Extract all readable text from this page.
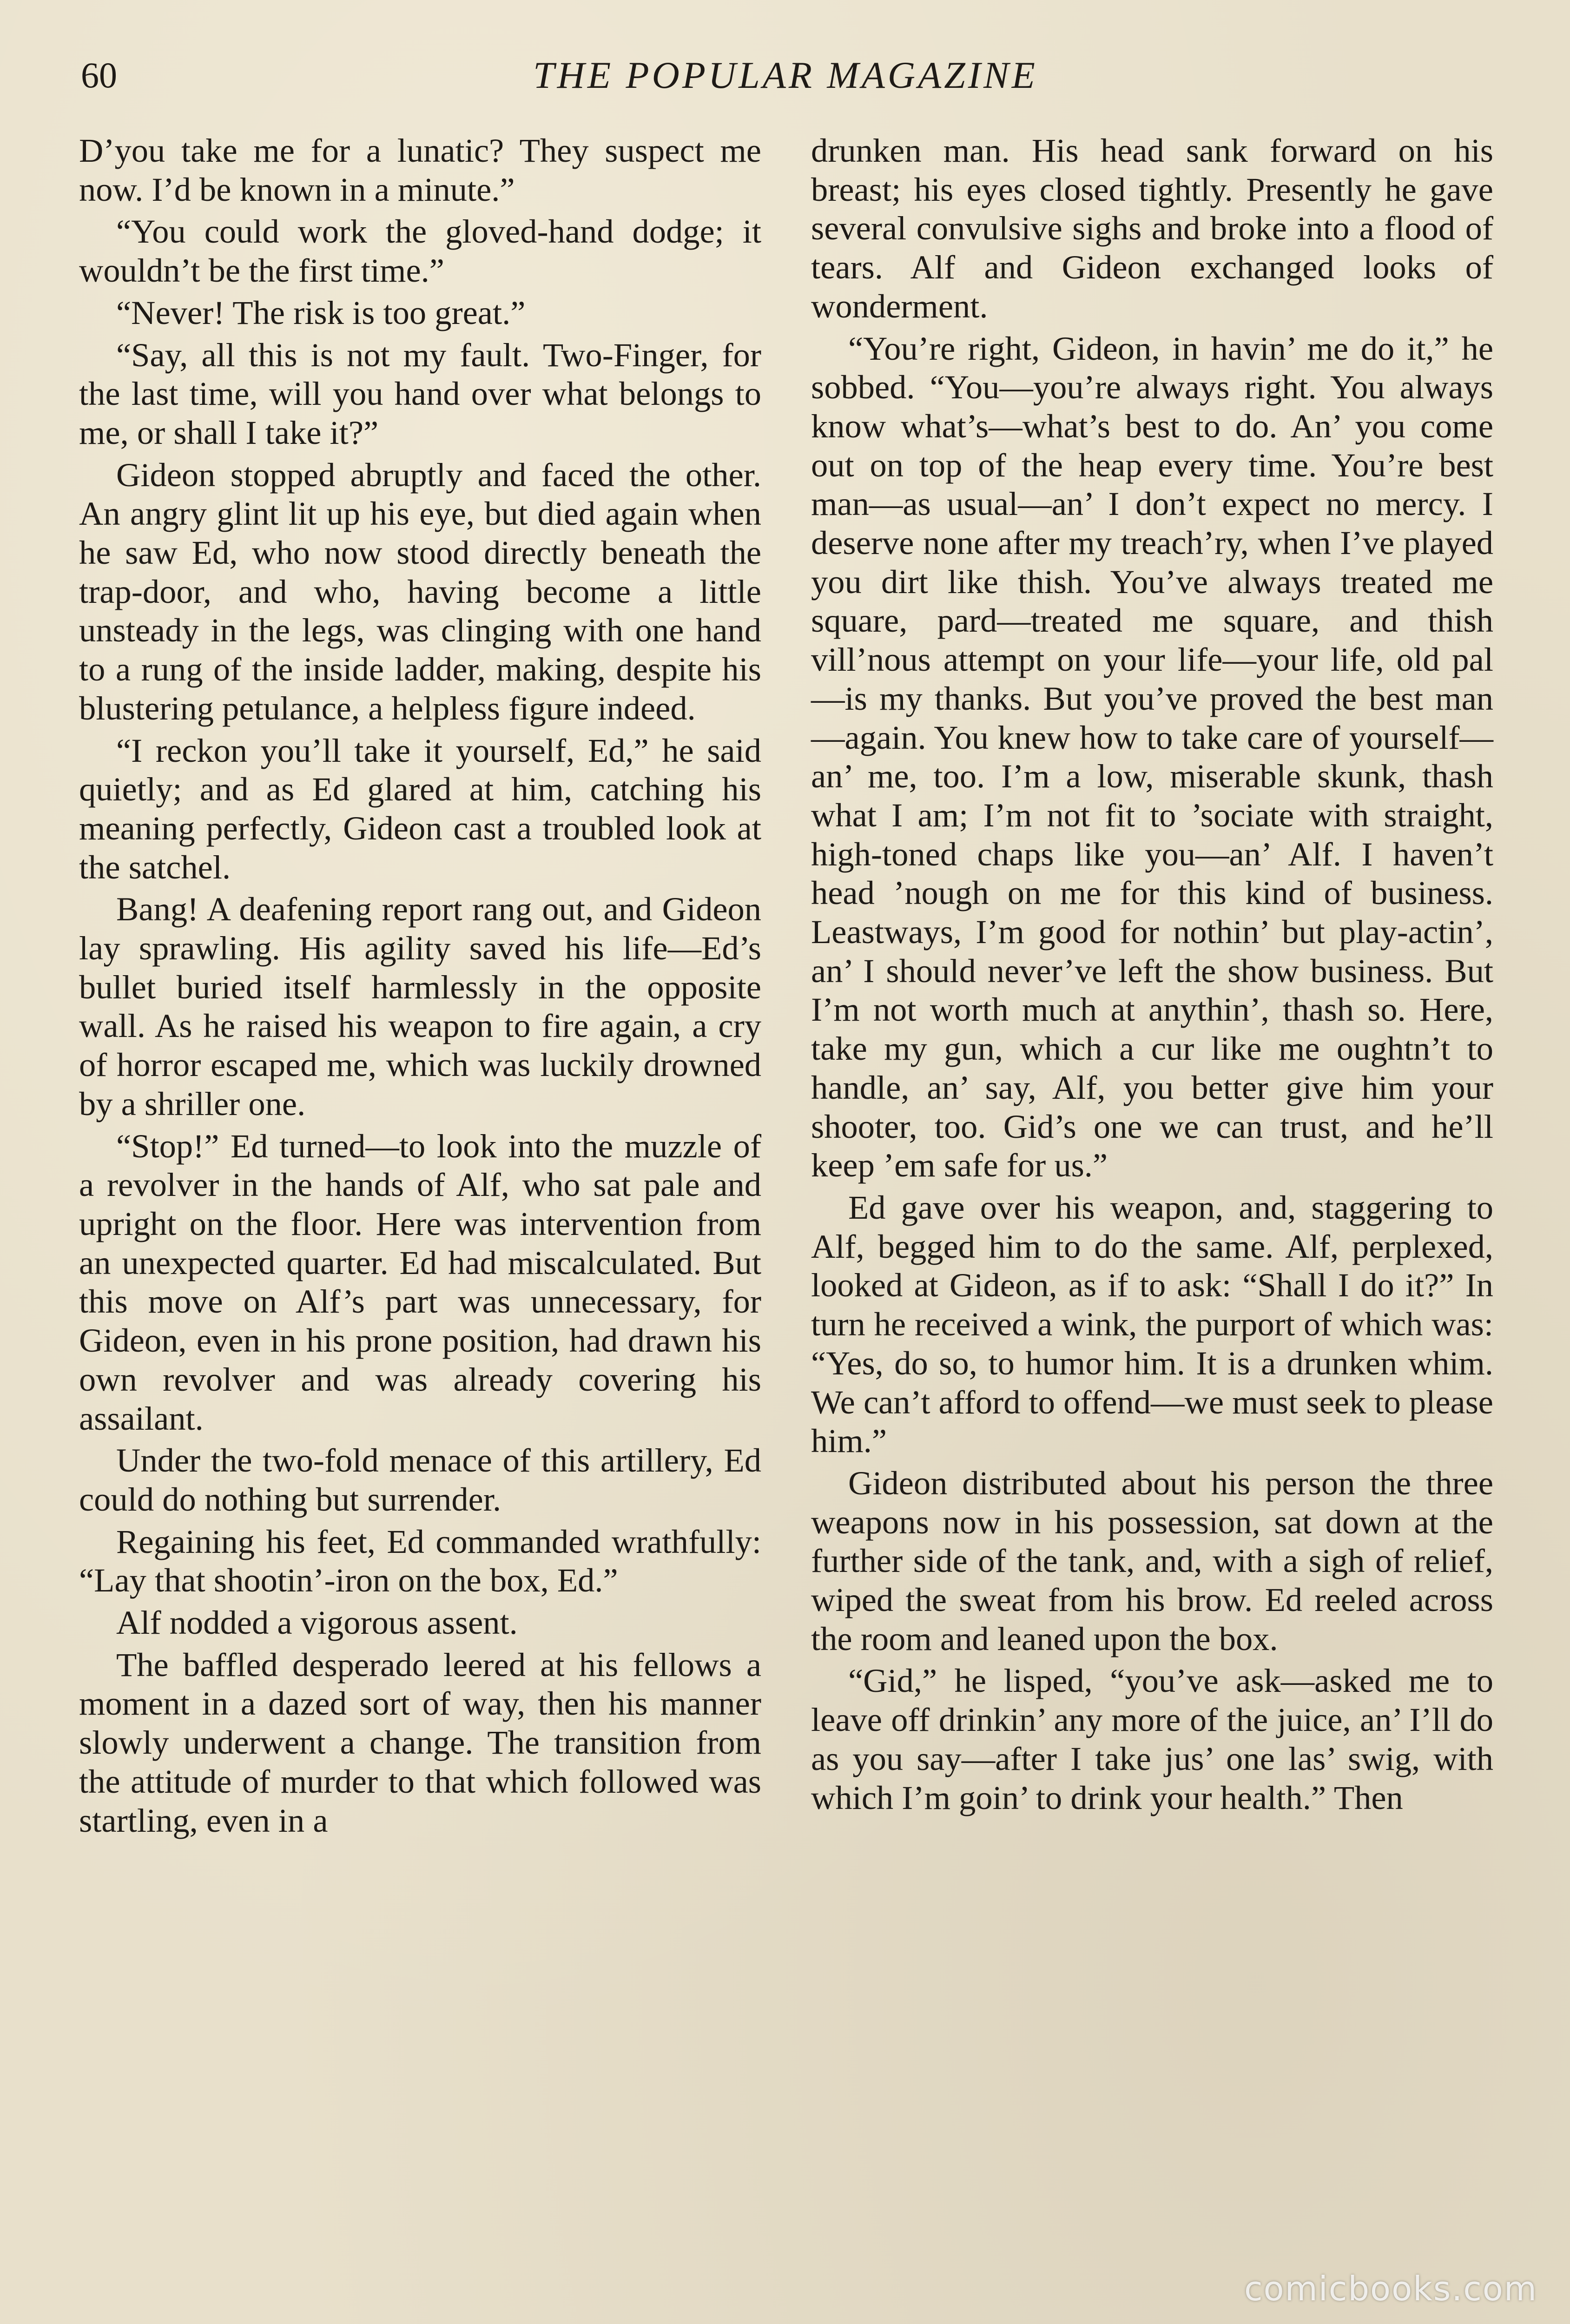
60	THE POPULAR MAGAZINE

D’you take me for a lunatic? They suspect me now. I’d be known in a minute.”

“You could work the gloved-hand dodge; it wouldn’t be the first time.”

“Never! The risk is too great.”

“Say, all this is not my fault. Two-Finger, for the last time, will you hand over what belongs to me, or shall I take it?”

Gideon stopped abruptly and faced the other. An angry glint lit up his eye, but died again when he saw Ed, who now stood directly beneath the trap-door, and who, having become a little unsteady in the legs, was clinging with one hand to a rung of the inside ladder, making, despite his blustering petulance, a helpless figure indeed.

“I reckon you’ll take it yourself, Ed,” he said quietly; and as Ed glared at him, catching his meaning perfectly, Gideon cast a troubled look at the satchel.

Bang! A deafening report rang out, and Gideon lay sprawling. His agility saved his life—Ed’s bullet buried itself harmlessly in the opposite wall. As he raised his weapon to fire again, a cry of horror escaped me, which was luckily drowned by a shriller one.

“Stop!” Ed turned—to look into the muzzle of a revolver in the hands of Alf, who sat pale and upright on the floor. Here was intervention from an unexpected quarter. Ed had miscalculated. But this move on Alf’s part was unnecessary, for Gideon, even in his prone position, had drawn his own revolver and was already covering his assailant.

Under the two-fold menace of this artillery, Ed could do nothing but surrender.

Regaining his feet, Ed commanded wrathfully: “Lay that shootin’-iron on the box, Ed.”

Alf nodded a vigorous assent.

The baffled desperado leered at his fellows a moment in a dazed sort of way, then his manner slowly underwent a change. The transition from the attitude of murder to that which followed was startling, even in a

drunken man. His head sank forward on his breast; his eyes closed tightly. Presently he gave several convulsive sighs and broke into a flood of tears. Alf and Gideon exchanged looks of wonderment.

“You’re right, Gideon, in havin’ me do it,” he sobbed. “You—you’re always right. You always know what’s—what’s best to do. An’ you come out on top of the heap every time. You’re best man—as usual—an’ I don’t expect no mercy. I deserve none after my treach’ry, when I’ve played you dirt like thish. You’ve always treated me square, pard—treated me square, and thish vill’nous attempt on your life—your life, old pal—is my thanks. But you’ve proved the best man—again. You knew how to take care of yourself—an’ me, too. I’m a low, miserable skunk, thash what I am; I’m not fit to ’sociate with straight, high-toned chaps like you—an’ Alf. I haven’t head ’nough on me for this kind of business. Leastways, I’m good for nothin’ but play-actin’, an’ I should never’ve left the show business. But I’m not worth much at anythin’, thash so. Here, take my gun, which a cur like me oughtn’t to handle, an’ say, Alf, you better give him your shooter, too. Gid’s one we can trust, and he’ll keep ’em safe for us.”

Ed gave over his weapon, and, staggering to Alf, begged him to do the same. Alf, perplexed, looked at Gideon, as if to ask: “Shall I do it?” In turn he received a wink, the purport of which was: “Yes, do so, to humor him. It is a drunken whim. We can’t afford to offend—we must seek to please him.”

Gideon distributed about his person the three weapons now in his possession, sat down at the further side of the tank, and, with a sigh of relief, wiped the sweat from his brow. Ed reeled across the room and leaned upon the box.

“Gid,” he lisped, “you’ve ask—asked me to leave off drinkin’ any more of the juice, an’ I’ll do as you say—after I take jus’ one las’ swig, with which I’m goin’ to drink your health.” Then

comicbooks.com
